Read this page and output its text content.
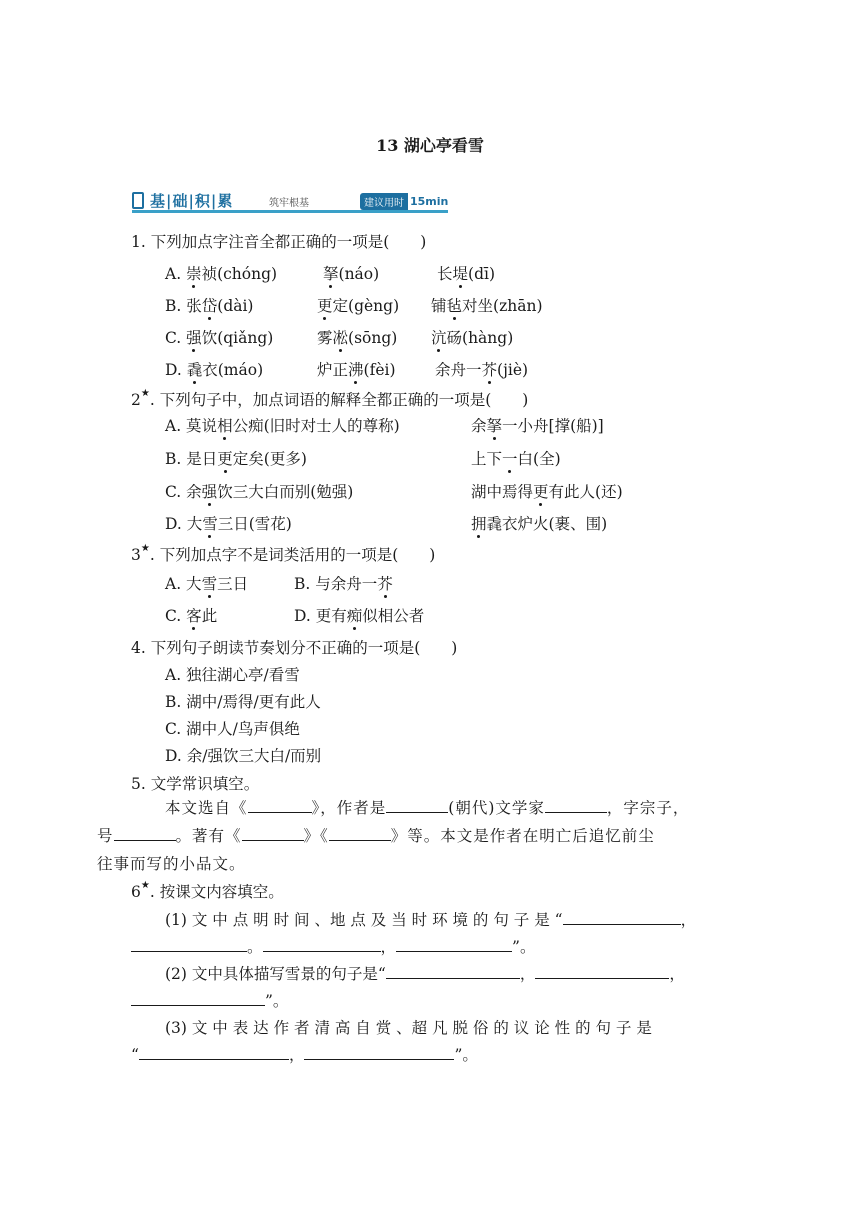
13 湖心亭看雪
基|础|积|累	筑牢根基	建议用时 15min
1. 下列加点字注音全都正确的一项是(　　)
A. 崇祯(chóng)	拏(náo)	长堤(dī)
B. 张岱(dài)	更定(gèng) 铺毡对坐(zhān)
C. 强饮(qiǎng)	雾凇(sōng) 沆砀(hàng)
D. 毳衣(máo)	炉正沸(fèi)	余舟一芥(jiè)
2★. 下列句子中，加点词语的解释全都正确的一项是(　　)
A. 莫说相公痴(旧时对士人的尊称)	余拏一小舟[撑(船)]
B. 是日更定矣(更多)	上下一白(全)
C. 余强饮三大白而别(勉强)	湖中焉得更有此人(还)
D. 大雪三日(雪花)	拥毳衣炉火(裹、围)
3★. 下列加点字不是词类活用的一项是(　　)
A. 大雪三日	B. 与余舟一芥
C. 客此	D. 更有痴似相公者
4. 下列句子朗读节奏划分不正确的一项是(　　)
A. 独往湖心亭/看雪
B. 湖中/焉得/更有此人
C. 湖中人/鸟声俱绝
D. 余/强饮三大白/而别
5. 文学常识填空。
本文选自《	》，作者是	(朝代)文学家	，字宗子，
号	。著有《	》《	》等。本文是作者在明亡后追忆前尘
往事而写的小品文。
6★. 按课文内容填空。
(1) 文 中 点 明 时 间 、地 点 及 当 时 环 境 的 句 子 是 “	，
。	，	”。
(2) 文中具体描写雪景的句子是“	，	，
”。
(3) 文 中 表 达 作 者 清 高 自 赏 、超 凡 脱 俗 的 议 论 性 的 句 子 是
“	，	”。
